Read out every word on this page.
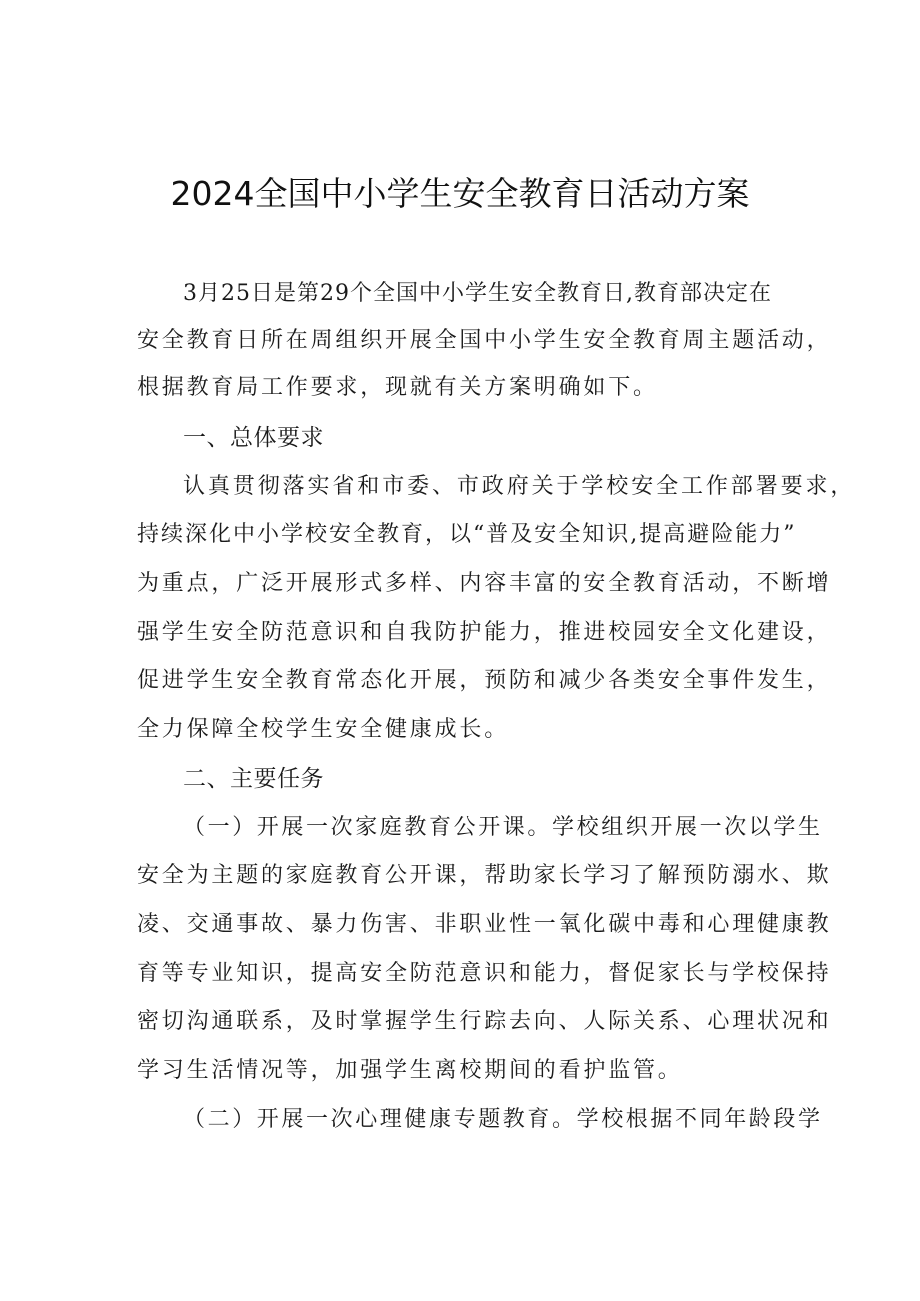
2024全国中小学生安全教育日活动方案
3月25日是第29个全国中小学生安全教育日,教育部决定在
安全教育日所在周组织开展全国中小学生安全教育周主题活动，
根据教育局工作要求，现就有关方案明确如下。
一、总体要求
认真贯彻落实省和市委、市政府关于学校安全工作部署要求，
持续深化中小学校安全教育，以“普及安全知识,提高避险能力”
为重点，广泛开展形式多样、内容丰富的安全教育活动，不断增
强学生安全防范意识和自我防护能力，推进校园安全文化建设，
促进学生安全教育常态化开展，预防和减少各类安全事件发生，
全力保障全校学生安全健康成长。
二、主要任务
（一）开展一次家庭教育公开课。学校组织开展一次以学生
安全为主题的家庭教育公开课，帮助家长学习了解预防溺水、欺
凌、交通事故、暴力伤害、非职业性一氧化碳中毒和心理健康教
育等专业知识，提高安全防范意识和能力，督促家长与学校保持
密切沟通联系，及时掌握学生行踪去向、人际关系、心理状况和
学习生活情况等，加强学生离校期间的看护监管。
（二）开展一次心理健康专题教育。学校根据不同年龄段学
